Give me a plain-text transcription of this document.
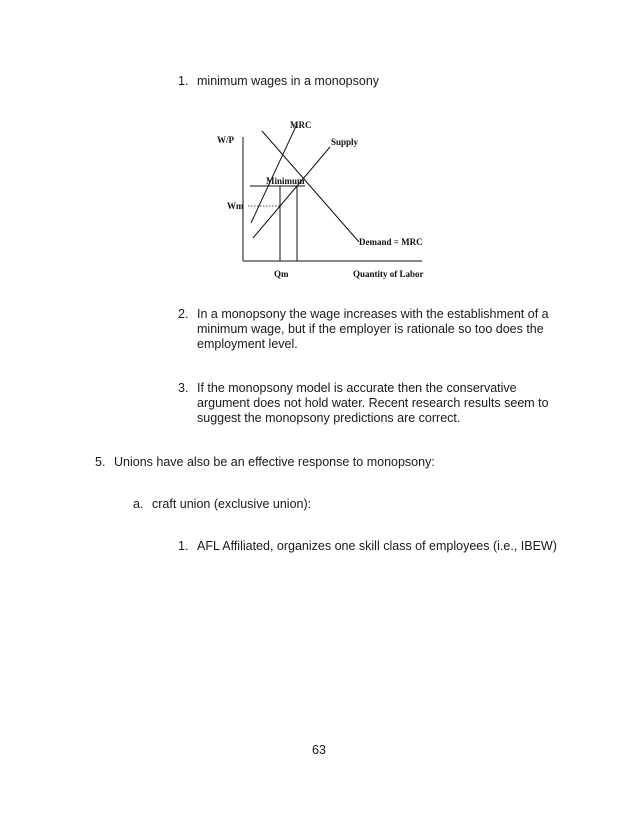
1. minimum wages in a monopsony
W/P
MRC
Supply
Minimum
Wm
Demand = MRC
Qm	Quantity of Labor
2. In a monopsony the wage increases with the establishment of a
minimum wage, but if the employer is rationale so too does the
employment level.
3. If the monopsony model is accurate then the conservative
argument does not hold water. Recent research results seem to
suggest the monopsony predictions are correct.
5. Unions have also be an effective response to monopsony:
a. craft union (exclusive union):
1. AFL Affiliated, organizes one skill class of employees (i.e., IBEW)
63
